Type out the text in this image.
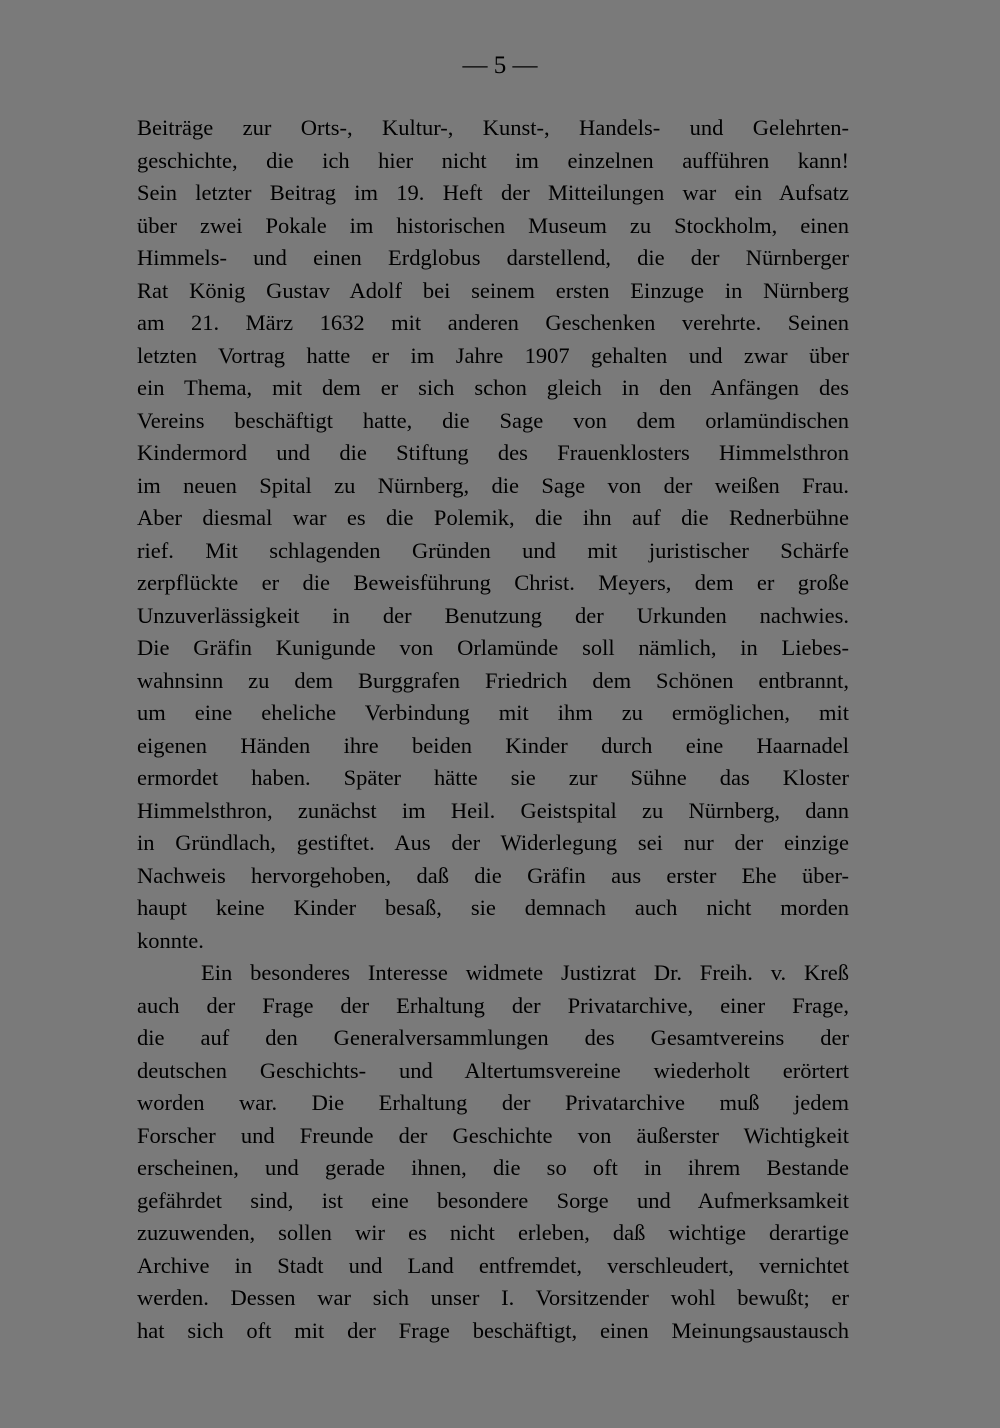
— 5 —
Beiträge zur Orts-, Kultur-, Kunst-, Handels- und Gelehrten-
geschichte, die ich hier nicht im einzelnen aufführen kann!
Sein letzter Beitrag im 19. Heft der Mitteilungen war ein Aufsatz
über zwei Pokale im historischen Museum zu Stockholm, einen
Himmels- und einen Erdglobus darstellend, die der Nürnberger
Rat König Gustav Adolf bei seinem ersten Einzuge in Nürnberg
am 21. März 1632 mit anderen Geschenken verehrte. Seinen
letzten Vortrag hatte er im Jahre 1907 gehalten und zwar über
ein Thema, mit dem er sich schon gleich in den Anfängen des
Vereins beschäftigt hatte, die Sage von dem orlamündischen
Kindermord und die Stiftung des Frauenklosters Himmelsthron
im neuen Spital zu Nürnberg, die Sage von der weißen Frau.
Aber diesmal war es die Polemik, die ihn auf die Rednerbühne
rief. Mit schlagenden Gründen und mit juristischer Schärfe
zerpflückte er die Beweisführung Christ. Meyers, dem er große
Unzuverlässigkeit in der Benutzung der Urkunden nachwies.
Die Gräfin Kunigunde von Orlamünde soll nämlich, in Liebes-
wahnsinn zu dem Burggrafen Friedrich dem Schönen entbrannt,
um eine eheliche Verbindung mit ihm zu ermöglichen, mit
eigenen Händen ihre beiden Kinder durch eine Haarnadel
ermordet haben. Später hätte sie zur Sühne das Kloster
Himmelsthron, zunächst im Heil. Geistspital zu Nürnberg, dann
in Gründlach, gestiftet. Aus der Widerlegung sei nur der einzige
Nachweis hervorgehoben, daß die Gräfin aus erster Ehe über-
haupt keine Kinder besaß, sie demnach auch nicht morden
konnte.
Ein besonderes Interesse widmete Justizrat Dr. Freih. v. Kreß
auch der Frage der Erhaltung der Privatarchive, einer Frage,
die auf den Generalversammlungen des Gesamtvereins der
deutschen Geschichts- und Altertumsvereine wiederholt erörtert
worden war. Die Erhaltung der Privatarchive muß jedem
Forscher und Freunde der Geschichte von äußerster Wichtigkeit
erscheinen, und gerade ihnen, die so oft in ihrem Bestande
gefährdet sind, ist eine besondere Sorge und Aufmerksamkeit
zuzuwenden, sollen wir es nicht erleben, daß wichtige derartige
Archive in Stadt und Land entfremdet, verschleudert, vernichtet
werden. Dessen war sich unser I. Vorsitzender wohl bewußt; er
hat sich oft mit der Frage beschäftigt, einen Meinungsaustausch
